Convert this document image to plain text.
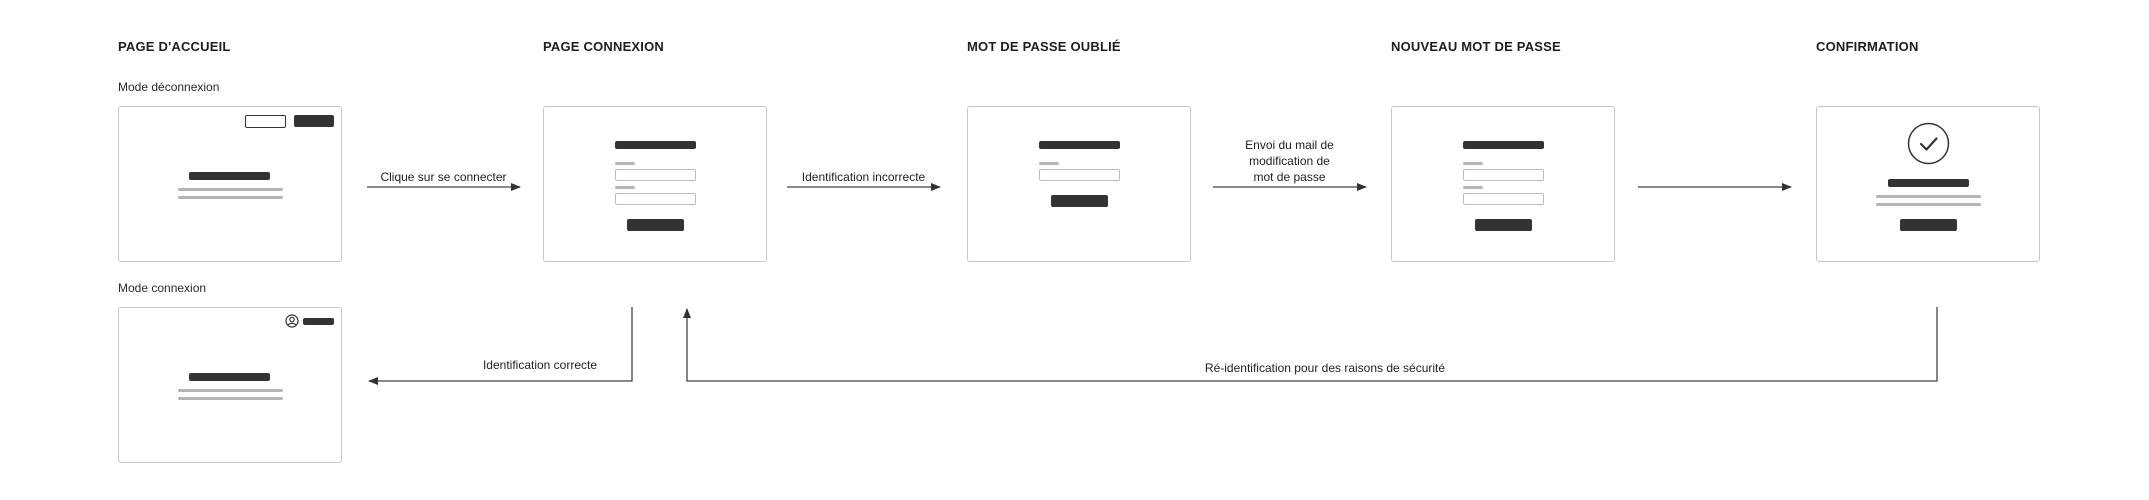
PAGE D'ACCUEIL	PAGE CONNEXION	MOT DE PASSE OUBLIÉ	NOUVEAU MOT DE PASSE	CONFIRMATION
Mode déconnexion
Mode connexion
Clique sur se connecter	Identification incorrecte
Envoi du mail de
modification de
mot de passe
Identification correcte	Ré-identification pour des raisons de sécurité
